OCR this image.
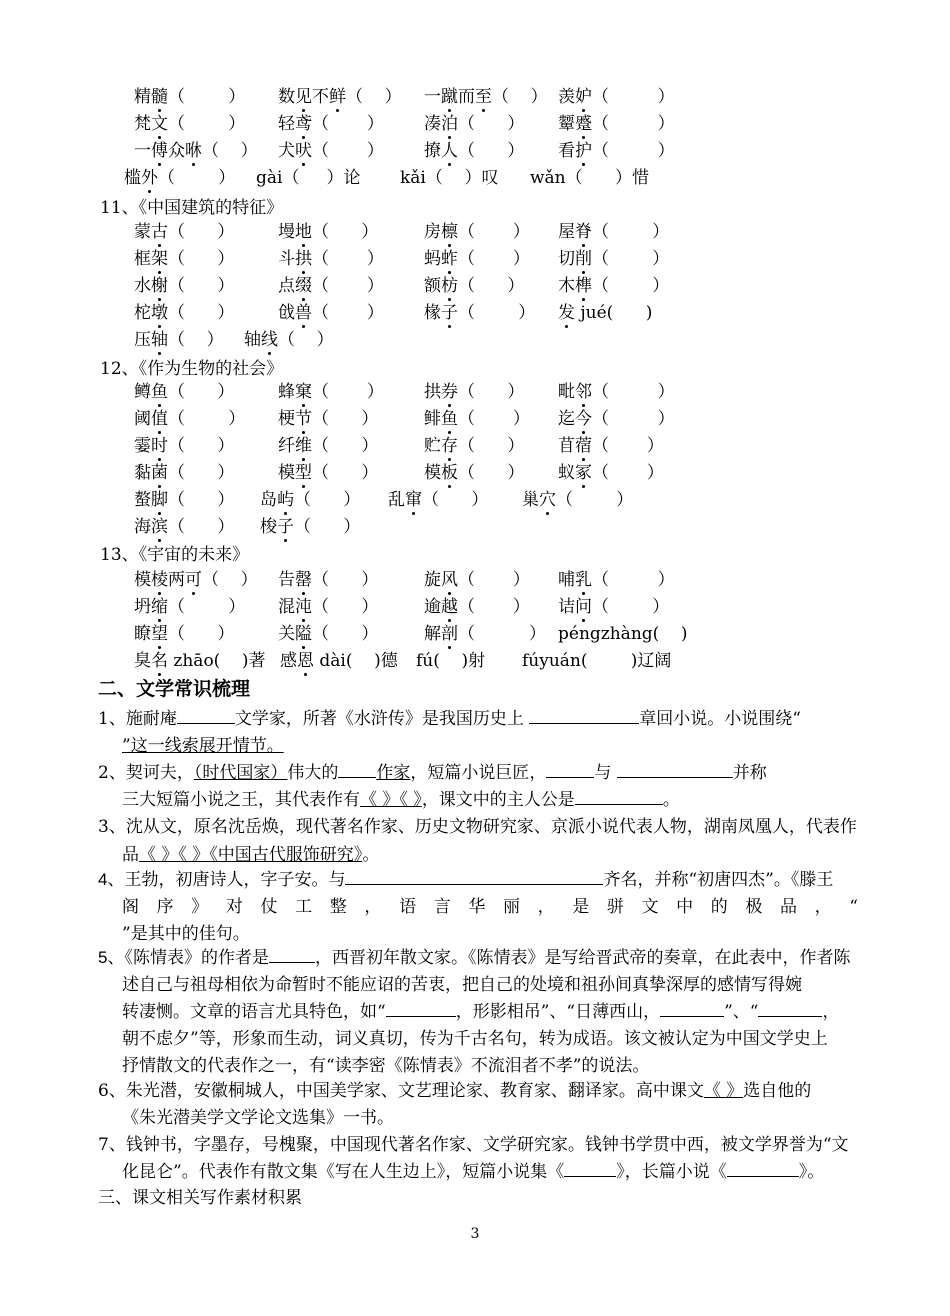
精髓（        ） 数见不鲜（    ） 一蹴而至（    ） 羡妒（         ）
梵文（        ） 轻鸢（       ） 凑泊（      ） 颦蹙（         ）
一傅众咻（    ） 犬吠（       ） 撩人（      ） 看护（         ）
槛外（        ） gài（     ）论 kǎi（    ）叹 wǎn（      ）惜
11、《中国建筑的特征》
蒙古（      ）	墁地（      ）	房檩（       ） 屋脊（        ）
框架（      ）	斗拱（       ） 蚂蚱（       ） 切削（        ）
水榭（      ）	点缀（       ） 额枋（      ） 木榫（        ）
柁墩（      ）	戗兽（       ） 椽子（        ） 发 jué(      )
压轴（    ） 轴线（    ）
12、《作为生物的社会》
鳟鱼（      ）	蜂窠（       ） 拱券（      ） 毗邻（         ）
阈值（        ） 梗节（      ）	鲱鱼（       ） 迄今（         ）
霎时（      ）	纤维（      ）	贮存（      ） 苜蓿（       ）
黏菌（      ）	模型（      ）	模板（      ） 蚁冢（       ）
螯脚（      ） 岛屿（      ） 乱窜（      ） 巢穴（        ）
海滨（      ） 梭子（      ）
13、《宇宙的未来》
模棱两可（    ） 告罄（      ）	旋风（       ） 哺乳（         ）
坍缩（        ） 混沌（      ）	逾越（       ） 诘问（        ）
瞭望（      ）	关隘（      ）	解剖（          ） péngzhàng(    )
臭名 zhāo(    )著 感恩 dài(    )德 fú(    )射 fúyuán(        )辽阔
二、文学常识梳理
1、施耐庵	文学家，所著《水浒传》是我国历史上	章回小说。小说围绕“
”这一线索展开情节。
2、契诃夫，（时代国家）伟大的 作家，短篇小说巨匠，	与	并称
三大短篇小说之王，其代表作有《 》《 》，课文中的主人公是	。
3、沈从文，原名沈岳焕，现代著名作家、历史文物研究家、京派小说代表人物，湖南凤凰人，代表作
品《 》《 》《中国古代服饰研究》。
4、王勃，初唐诗人，字子安。与	齐名，并称“初唐四杰”。《滕王
阁序》对仗工整，语言华丽，是骈文中的极品，“
”是其中的佳句。
5、《陈情表》的作者是	，西晋初年散文家。《陈情表》是写给晋武帝的奏章，在此表中，作者陈
述自己与祖母相依为命暂时不能应诏的苦衷，把自己的处境和祖孙间真挚深厚的感情写得婉
转凄恻。文章的语言尤具特色，如“	，形影相吊”、“日薄西山，	”、“	，
朝不虑夕”等，形象而生动，词义真切，传为千古名句，转为成语。该文被认定为中国文学史上
抒情散文的代表作之一，有“读李密《陈情表》不流泪者不孝”的说法。
6、朱光潜，安徽桐城人，中国美学家、文艺理论家、教育家、翻译家。高中课文《 》选自他的
《朱光潜美学文学论文选集》一书。
7、钱钟书，字墨存，号槐聚，中国现代著名作家、文学研究家。钱钟书学贯中西，被文学界誉为“文
化昆仑”。代表作有散文集《写在人生边上》，短篇小说集《	》，长篇小说《	》。
三、课文相关写作素材积累
3
